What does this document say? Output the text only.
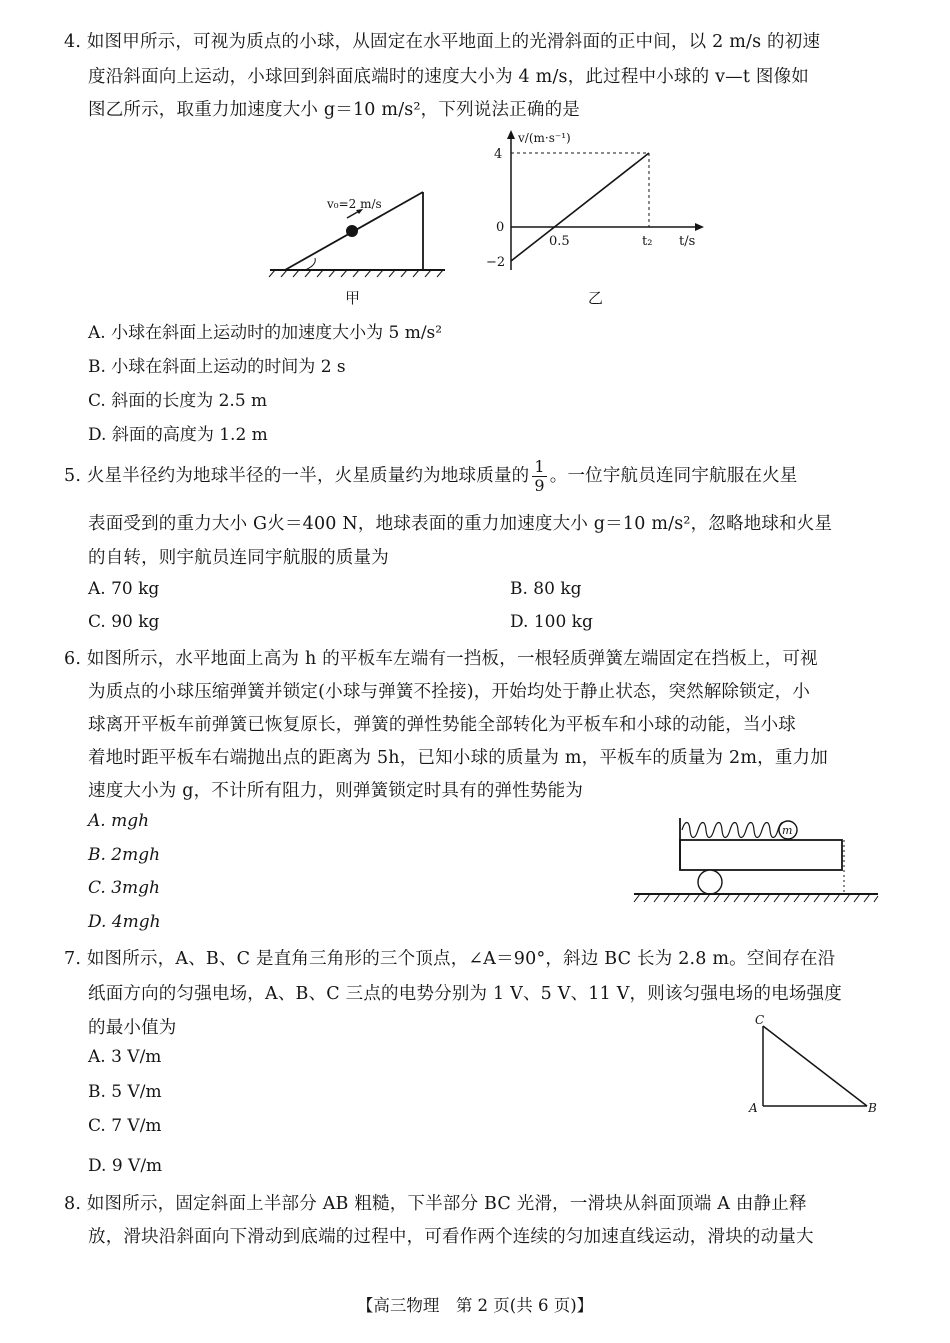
4. 如图甲所示，可视为质点的小球，从固定在水平地面上的光滑斜面的正中间，以 2 m/s 的初速
度沿斜面向上运动，小球回到斜面底端时的速度大小为 4 m/s，此过程中小球的 v—t 图像如
图乙所示，取重力加速度大小 g＝10 m/s²，下列说法正确的是
v₀=2 m/s
甲
v/(m·s⁻¹)
4
0
−2
0.5	t₂ t/s
乙
A. 小球在斜面上运动时的加速度大小为 5 m/s²
B. 小球在斜面上运动的时间为 2 s
C. 斜面的长度为 2.5 m
D. 斜面的高度为 1.2 m
5. 火星半径约为地球半径的一半，火星质量约为地球质量的 $\frac{1}{9}$ 。一位宇航员连同宇航服在火星
表面受到的重力大小 G火＝400 N，地球表面的重力加速度大小 g＝10 m/s²，忽略地球和火星
的自转，则宇航员连同宇航服的质量为
A. 70 kg	B. 80 kg
C. 90 kg	D. 100 kg
6. 如图所示，水平地面上高为 h 的平板车左端有一挡板，一根轻质弹簧左端固定在挡板上，可视
为质点的小球压缩弹簧并锁定(小球与弹簧不拴接)，开始均处于静止状态，突然解除锁定，小
球离开平板车前弹簧已恢复原长，弹簧的弹性势能全部转化为平板车和小球的动能，当小球
着地时距平板车右端抛出点的距离为 5h，已知小球的质量为 m，平板车的质量为 2m，重力加
速度大小为 g，不计所有阻力，则弹簧锁定时具有的弹性势能为
A. mgh
B. 2mgh
C. 3mgh
D. 4mgh
m
7. 如图所示，A、B、C 是直角三角形的三个顶点，∠A＝90°，斜边 BC 长为 2.8 m。空间存在沿
纸面方向的匀强电场，A、B、C 三点的电势分别为 1 V、5 V、11 V，则该匀强电场的电场强度
的最小值为
A. 3 V/m
B. 5 V/m
C. 7 V/m
D. 9 V/m
C
A	B
8. 如图所示，固定斜面上半部分 AB 粗糙，下半部分 BC 光滑，一滑块从斜面顶端 A 由静止释
放，滑块沿斜面向下滑动到底端的过程中，可看作两个连续的匀加速直线运动，滑块的动量大
【高三物理　第 2 页(共 6 页)】
